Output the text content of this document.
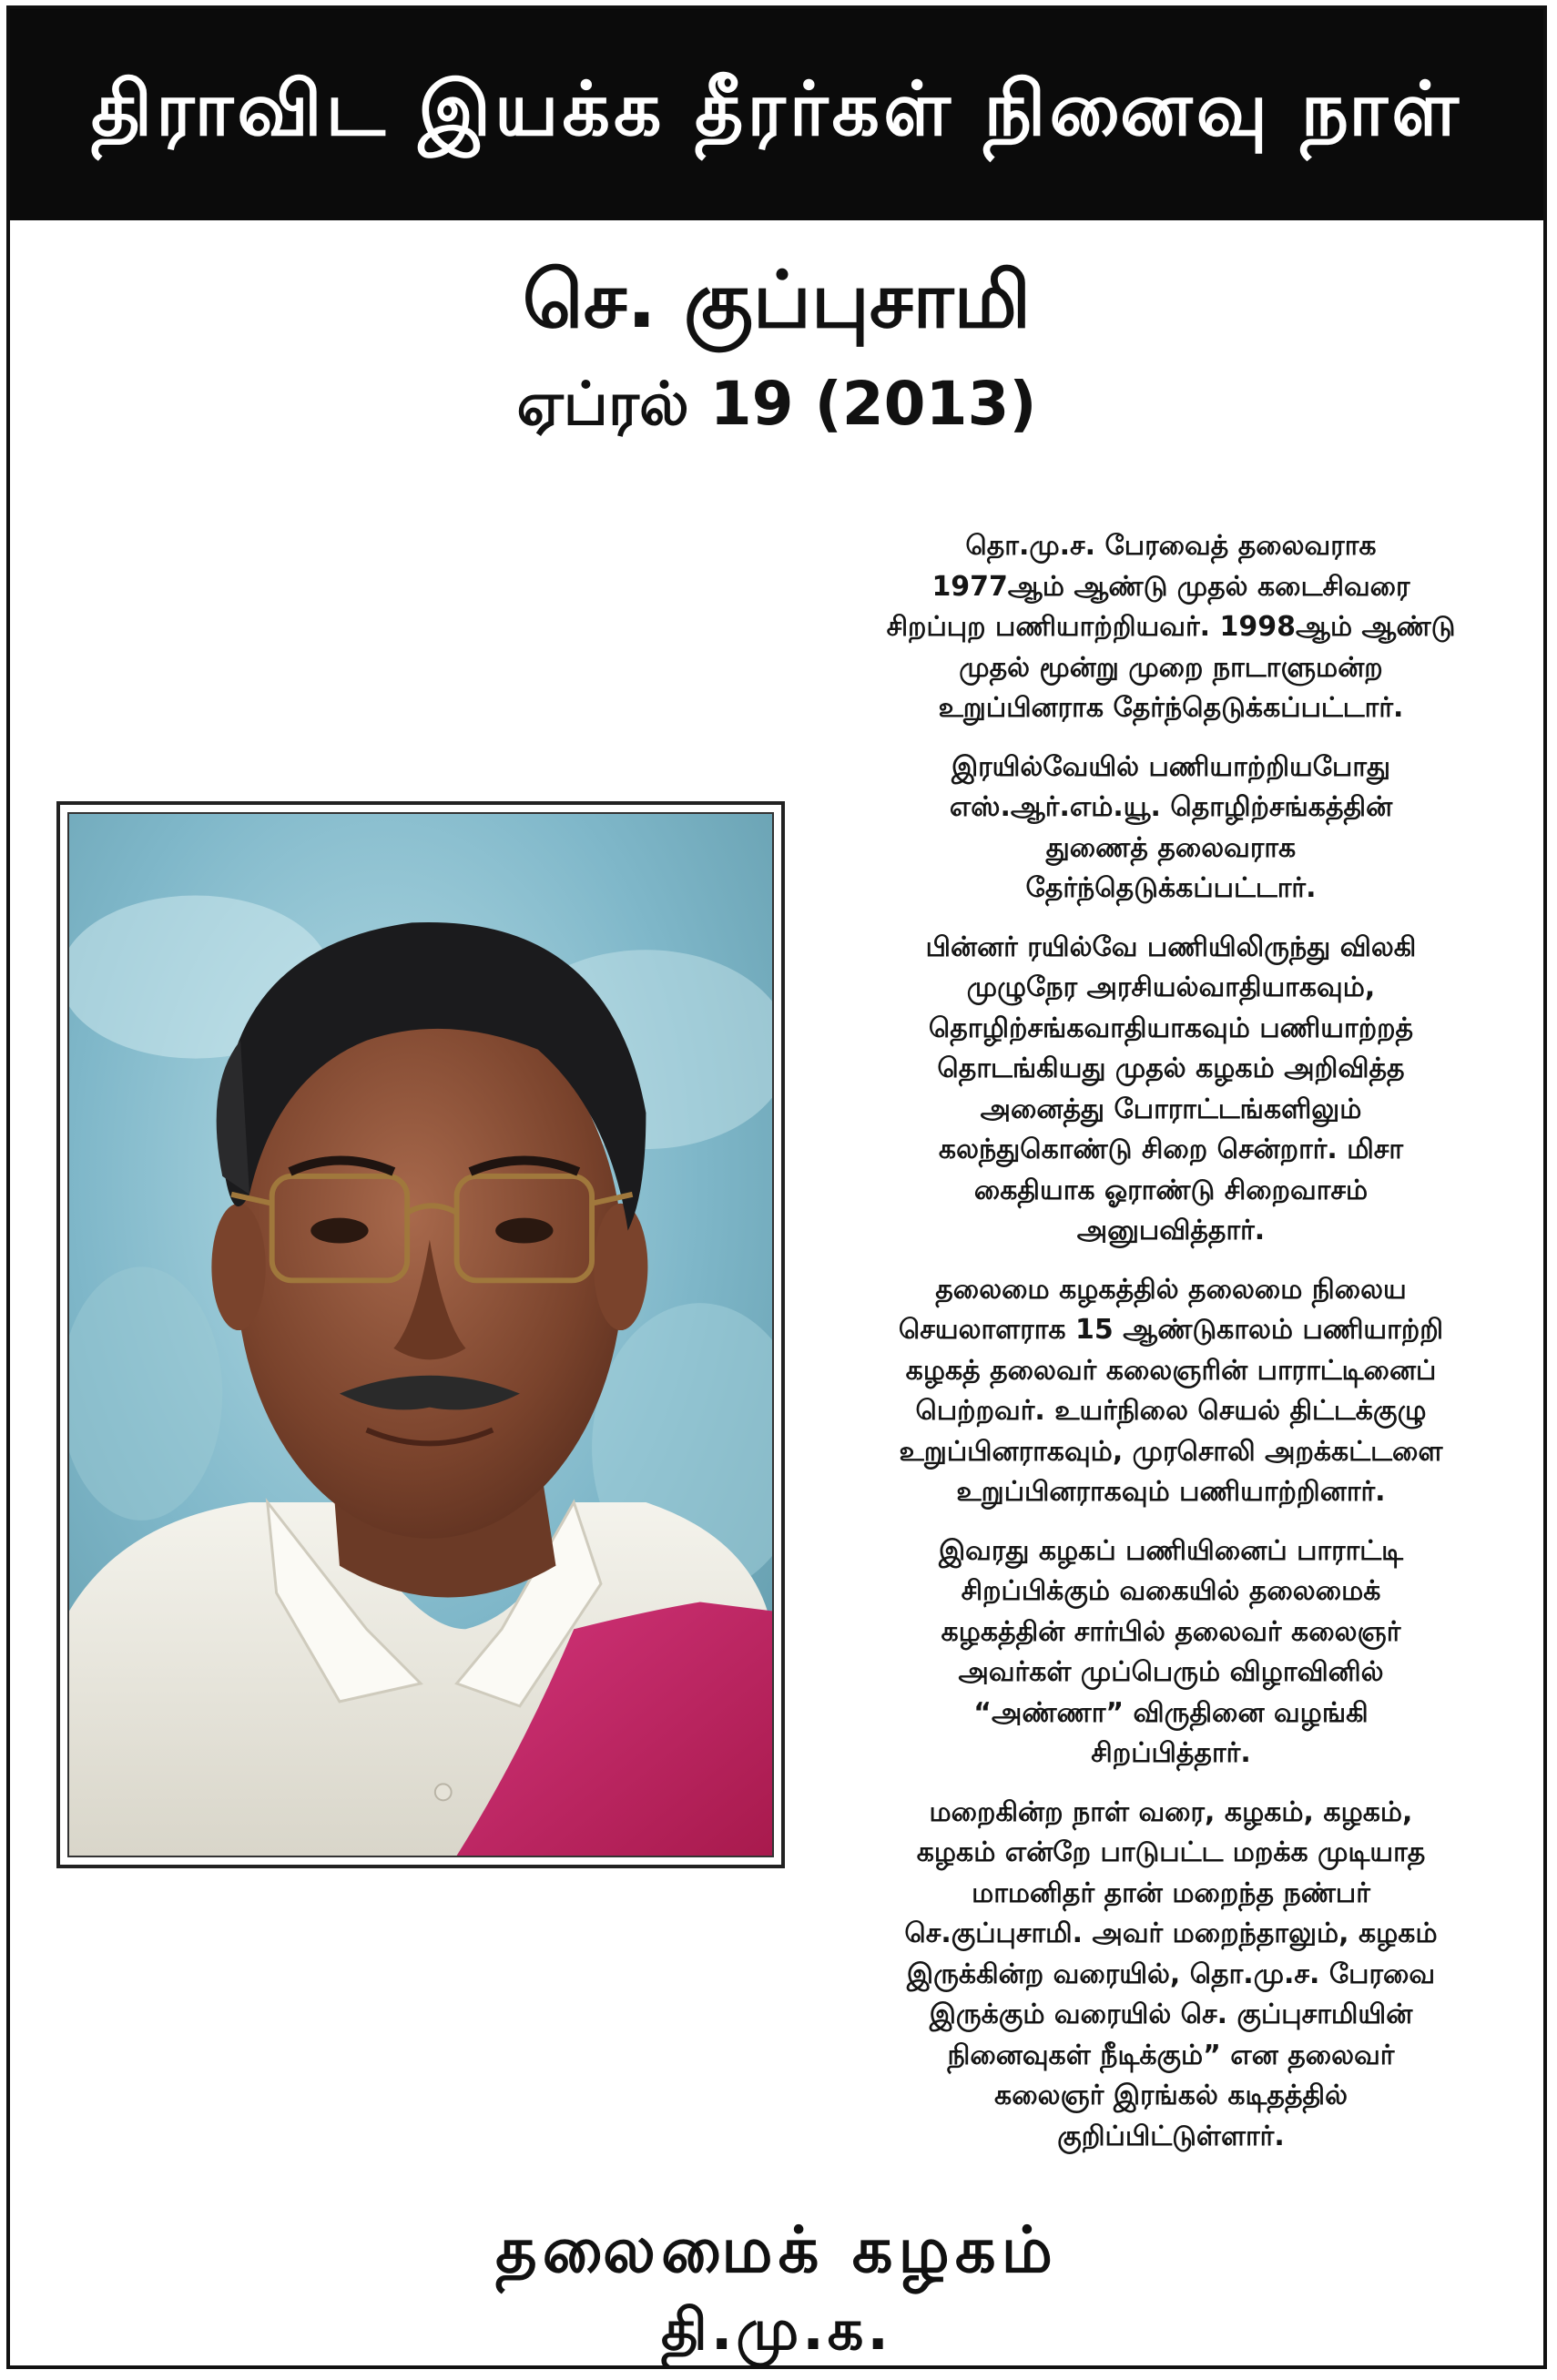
திராவிட இயக்க தீரர்கள் நினைவு நாள்
செ. குப்புசாமி
ஏப்ரல் 19 (2013)
தொ.மு.ச. பேரவைத் தலைவராக
1977ஆம் ஆண்டு முதல் கடைசிவரை
சிறப்புற பணியாற்றியவர். 1998ஆம் ஆண்டு
முதல் மூன்று முறை நாடாளுமன்ற
உறுப்பினராக தேர்ந்தெடுக்கப்பட்டார்.
இரயில்வேயில் பணியாற்றியபோது
எஸ்.ஆர்.எம்.யூ. தொழிற்சங்கத்தின்
துணைத் தலைவராக
தேர்ந்தெடுக்கப்பட்டார்.
பின்னர் ரயில்வே பணியிலிருந்து விலகி
முழுநேர அரசியல்வாதியாகவும்,
தொழிற்சங்கவாதியாகவும் பணியாற்றத்
தொடங்கியது முதல் கழகம் அறிவித்த
அனைத்து போராட்டங்களிலும்
கலந்துகொண்டு சிறை சென்றார். மிசா
கைதியாக ஓராண்டு சிறைவாசம்
அனுபவித்தார்.
தலைமை கழகத்தில் தலைமை நிலைய
செயலாளராக 15 ஆண்டுகாலம் பணியாற்றி
கழகத் தலைவர் கலைஞரின் பாராட்டினைப்
பெற்றவர். உயர்நிலை செயல் திட்டக்குழு
உறுப்பினராகவும், முரசொலி அறக்கட்டளை
உறுப்பினராகவும் பணியாற்றினார்.
இவரது கழகப் பணியினைப் பாராட்டி
சிறப்பிக்கும் வகையில் தலைமைக்
கழகத்தின் சார்பில் தலைவர் கலைஞர்
அவர்கள் முப்பெரும் விழாவினில்
“அண்ணா” விருதினை வழங்கி
சிறப்பித்தார்.
மறைகின்ற நாள் வரை, கழகம், கழகம்,
கழகம் என்றே பாடுபட்ட மறக்க முடியாத
மாமனிதர் தான் மறைந்த நண்பர்
செ.குப்புசாமி. அவர் மறைந்தாலும், கழகம்
இருக்கின்ற வரையில், தொ.மு.ச. பேரவை
இருக்கும் வரையில் செ. குப்புசாமியின்
நினைவுகள் நீடிக்கும்” என தலைவர்
கலைஞர் இரங்கல் கடிதத்தில்
குறிப்பிட்டுள்ளார்.
தலைமைக் கழகம்
தி.மு.க.
